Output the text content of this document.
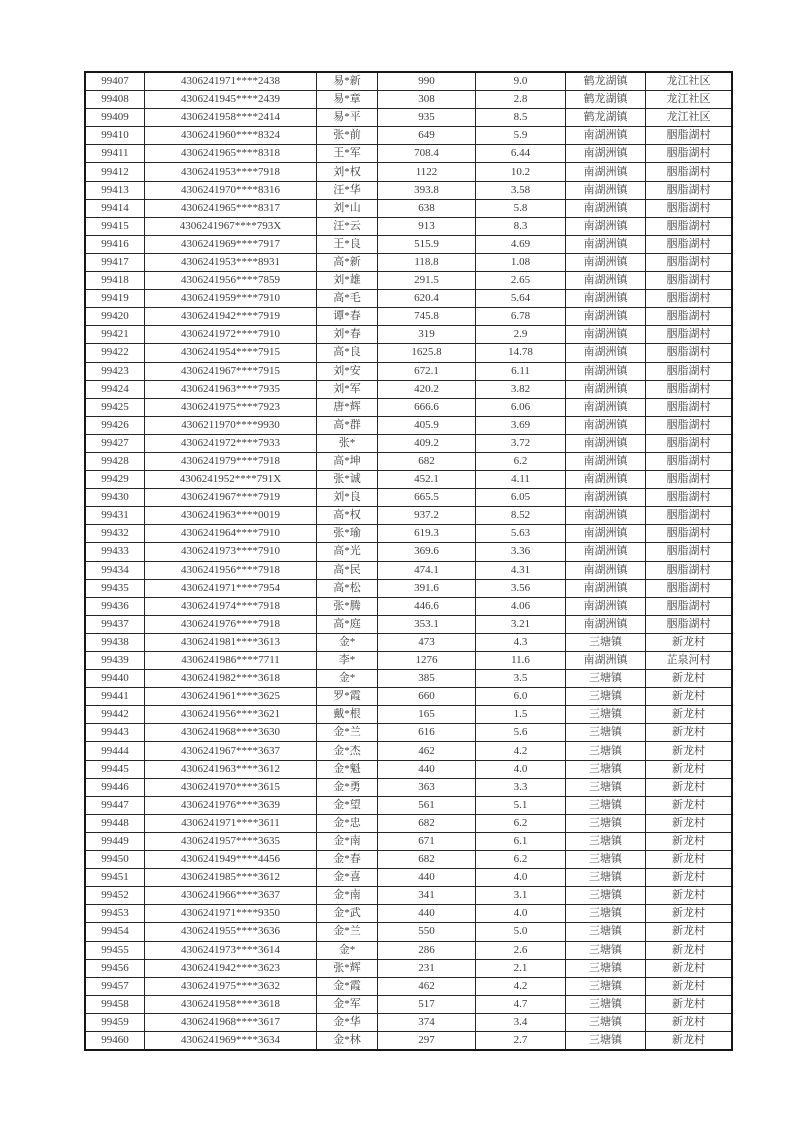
99407	4306241971****2438	易*新	990	9.0	鹤龙湖镇	龙江社区
99408	4306241945****2439	易*章	308	2.8	鹤龙湖镇	龙江社区
99409	4306241958****2414	易*平	935	8.5	鹤龙湖镇	龙江社区
99410	4306241960****8324	张*前	649	5.9	南湖洲镇	胭脂湖村
99411	4306241965****8318	王*军	708.4	6.44	南湖洲镇	胭脂湖村
99412	4306241953****7918	刘*权	1122	10.2	南湖洲镇	胭脂湖村
99413	4306241970****8316	汪*华	393.8	3.58	南湖洲镇	胭脂湖村
99414	4306241965****8317	刘*山	638	5.8	南湖洲镇	胭脂湖村
99415	4306241967****793X	汪*云	913	8.3	南湖洲镇	胭脂湖村
99416	4306241969****7917	王*良	515.9	4.69	南湖洲镇	胭脂湖村
99417	4306241953****8931	高*新	118.8	1.08	南湖洲镇	胭脂湖村
99418	4306241956****7859	刘*雄	291.5	2.65	南湖洲镇	胭脂湖村
99419	4306241959****7910	高*毛	620.4	5.64	南湖洲镇	胭脂湖村
99420	4306241942****7919	谭*春	745.8	6.78	南湖洲镇	胭脂湖村
99421	4306241972****7910	刘*春	319	2.9	南湖洲镇	胭脂湖村
99422	4306241954****7915	高*良	1625.8	14.78	南湖洲镇	胭脂湖村
99423	4306241967****7915	刘*安	672.1	6.11	南湖洲镇	胭脂湖村
99424	4306241963****7935	刘*军	420.2	3.82	南湖洲镇	胭脂湖村
99425	4306241975****7923	唐*辉	666.6	6.06	南湖洲镇	胭脂湖村
99426	4306211970****9930	高*群	405.9	3.69	南湖洲镇	胭脂湖村
99427	4306241972****7933	张*	409.2	3.72	南湖洲镇	胭脂湖村
99428	4306241979****7918	高*坤	682	6.2	南湖洲镇	胭脂湖村
99429	4306241952****791X	张*诚	452.1	4.11	南湖洲镇	胭脂湖村
99430	4306241967****7919	刘*良	665.5	6.05	南湖洲镇	胭脂湖村
99431	4306241963****0019	高*权	937.2	8.52	南湖洲镇	胭脂湖村
99432	4306241964****7910	张*瑜	619.3	5.63	南湖洲镇	胭脂湖村
99433	4306241973****7910	高*光	369.6	3.36	南湖洲镇	胭脂湖村
99434	4306241956****7918	高*民	474.1	4.31	南湖洲镇	胭脂湖村
99435	4306241971****7954	高*松	391.6	3.56	南湖洲镇	胭脂湖村
99436	4306241974****7918	张*腾	446.6	4.06	南湖洲镇	胭脂湖村
99437	4306241976****7918	高*庭	353.1	3.21	南湖洲镇	胭脂湖村
99438	4306241981****3613	金*	473	4.3	三塘镇	新龙村
99439	4306241986****7711	李*	1276	11.6	南湖洲镇	芷泉河村
99440	4306241982****3618	金*	385	3.5	三塘镇	新龙村
99441	4306241961****3625	罗*霞	660	6.0	三塘镇	新龙村
99442	4306241956****3621	戴*根	165	1.5	三塘镇	新龙村
99443	4306241968****3630	金*兰	616	5.6	三塘镇	新龙村
99444	4306241967****3637	金*杰	462	4.2	三塘镇	新龙村
99445	4306241963****3612	金*魁	440	4.0	三塘镇	新龙村
99446	4306241970****3615	金*勇	363	3.3	三塘镇	新龙村
99447	4306241976****3639	金*望	561	5.1	三塘镇	新龙村
99448	4306241971****3611	金*忠	682	6.2	三塘镇	新龙村
99449	4306241957****3635	金*南	671	6.1	三塘镇	新龙村
99450	4306241949****4456	金*春	682	6.2	三塘镇	新龙村
99451	4306241985****3612	金*喜	440	4.0	三塘镇	新龙村
99452	4306241966****3637	金*南	341	3.1	三塘镇	新龙村
99453	4306241971****9350	金*武	440	4.0	三塘镇	新龙村
99454	4306241955****3636	金*兰	550	5.0	三塘镇	新龙村
99455	4306241973****3614	金*	286	2.6	三塘镇	新龙村
99456	4306241942****3623	张*辉	231	2.1	三塘镇	新龙村
99457	4306241975****3632	金*霞	462	4.2	三塘镇	新龙村
99458	4306241958****3618	金*军	517	4.7	三塘镇	新龙村
99459	4306241968****3617	金*华	374	3.4	三塘镇	新龙村
99460	4306241969****3634	金*林	297	2.7	三塘镇	新龙村
